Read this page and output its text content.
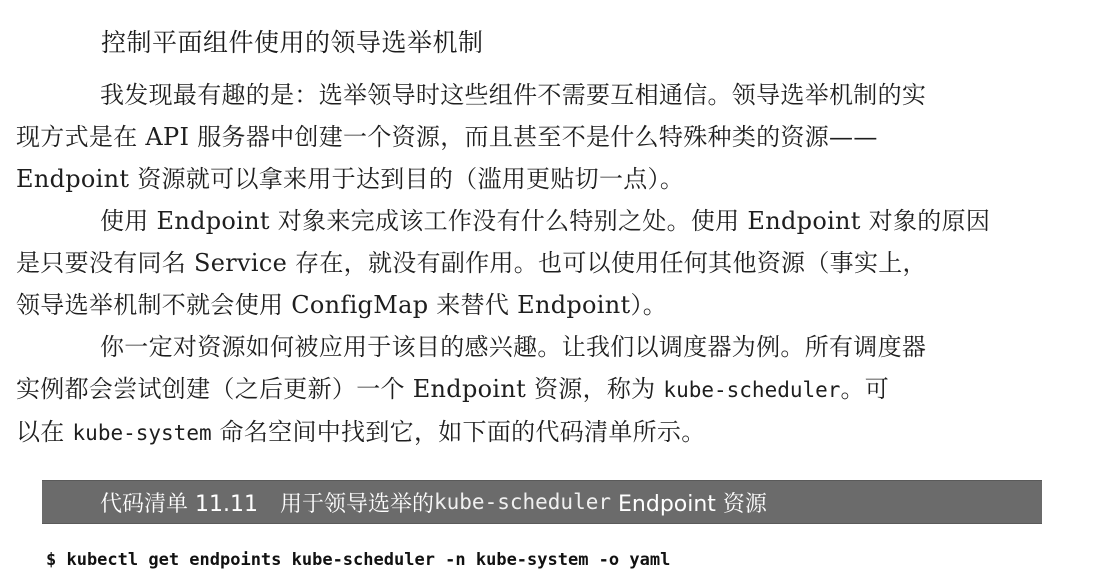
控制平面组件使用的领导选举机制

我发现最有趣的是：选举领导时这些组件不需要互相通信。领导选举机制的实
现方式是在 API 服务器中创建一个资源，而且甚至不是什么特殊种类的资源——
Endpoint 资源就可以拿来用于达到目的（滥用更贴切一点）。

使用 Endpoint 对象来完成该工作没有什么特别之处。使用 Endpoint 对象的原因
是只要没有同名 Service 存在，就没有副作用。也可以使用任何其他资源（事实上，
领导选举机制不就会使用 ConfigMap 来替代 Endpoint）。

你一定对资源如何被应用于该目的感兴趣。让我们以调度器为例。所有调度器
实例都会尝试创建（之后更新）一个 Endpoint 资源，称为 kube-scheduler。可
以在 kube-system 命名空间中找到它，如下面的代码清单所示。

代码清单 11.11 用于领导选举的 kube-scheduler Endpoint 资源
$ kubectl get endpoints kube-scheduler -n kube-system -o yaml
